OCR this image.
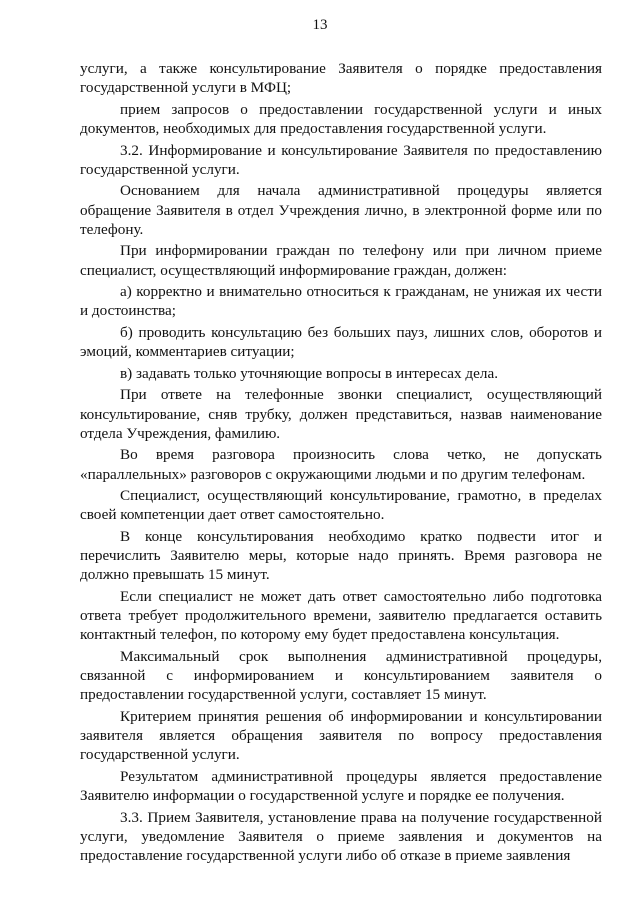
13

услуги, а также консультирование Заявителя о порядке предоставления государственной услуги в МФЦ;

прием запросов о предоставлении государственной услуги и иных документов, необходимых для предоставления государственной услуги.

3.2. Информирование и консультирование Заявителя по предоставлению государственной услуги.

Основанием для начала административной процедуры является обращение Заявителя в отдел Учреждения лично, в электронной форме или по телефону.

При информировании граждан по телефону или при личном приеме специалист, осуществляющий информирование граждан, должен:

а) корректно и внимательно относиться к гражданам, не унижая их чести и достоинства;

б) проводить консультацию без больших пауз, лишних слов, оборотов и эмоций, комментариев ситуации;

в) задавать только уточняющие вопросы в интересах дела.

При ответе на телефонные звонки специалист, осуществляющий консультирование, сняв трубку, должен представиться, назвав наименование отдела Учреждения, фамилию.

Во время разговора произносить слова четко, не допускать «параллельных» разговоров с окружающими людьми и по другим телефонам.

Специалист, осуществляющий консультирование, грамотно, в пределах своей компетенции дает ответ самостоятельно.

В конце консультирования необходимо кратко подвести итог и перечислить Заявителю меры, которые надо принять. Время разговора не должно превышать 15 минут.

Если специалист не может дать ответ самостоятельно либо подготовка ответа требует продолжительного времени, заявителю предлагается оставить контактный телефон, по которому ему будет предоставлена консультация.

Максимальный срок выполнения административной процедуры, связанной с информированием и консультированием заявителя о предоставлении государственной услуги, составляет 15 минут.

Критерием принятия решения об информировании и консультировании заявителя является обращения заявителя по вопросу предоставления государственной услуги.

Результатом административной процедуры является предоставление Заявителю информации о государственной услуге и порядке ее получения.

3.3. Прием Заявителя, установление права на получение государственной услуги, уведомление Заявителя о приеме заявления и документов на предоставление государственной услуги либо об отказе в приеме заявления
